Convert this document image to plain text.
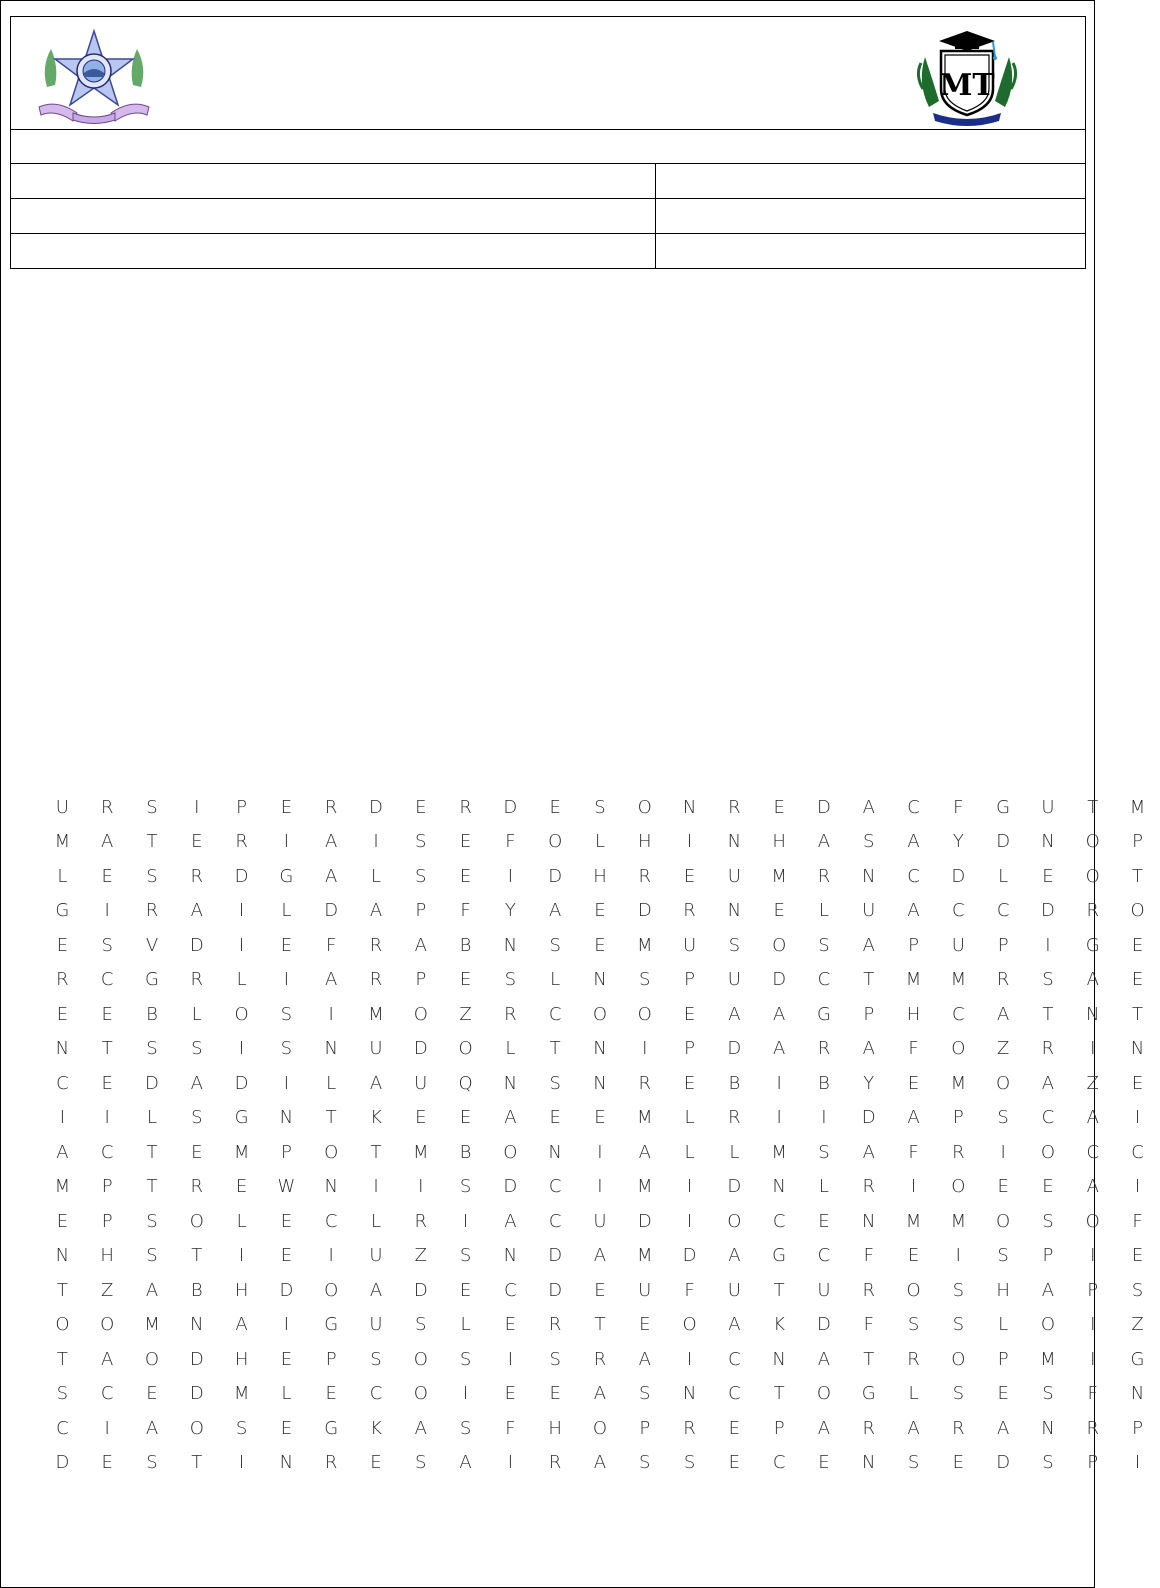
MT	

U	R	S	I	P	E	R	D	E	R	D	E	S	O	N	R	E	D	A	C	F	G	U	T	M
M	A	T	E	R	I	A	I	S	E	F	O	L	H	I	N	H	A	S	A	Y	D	N	O	P
L	E	S	R	D	G	A	L	S	E	I	D	H	R	E	U	M	R	N	C	D	L	E	O	T
G	I	R	A	I	L	D	A	P	F	Y	A	E	D	R	N	E	L	U	A	C	C	D	R	O
E	S	V	D	I	E	F	R	A	B	N	S	E	M	U	S	O	S	A	P	U	P	I	G	E
R	C	G	R	L	I	A	R	P	E	S	L	N	S	P	U	D	C	T	M	M	R	S	A	E
E	E	B	L	O	S	I	M	O	Z	R	C	O	O	E	A	A	G	P	H	C	A	T	N	T
N	T	S	S	I	S	N	U	D	O	L	T	N	I	P	D	A	R	A	F	O	Z	R	I	N
C	E	D	A	D	I	L	A	U	Q	N	S	N	R	E	B	I	B	Y	E	M	O	A	Z	E
I	I	L	S	G	N	T	K	E	E	A	E	E	M	L	R	I	I	D	A	P	S	C	A	I
A	C	T	E	M	P	O	T	M	B	O	N	I	A	L	L	M	S	A	F	R	I	O	C	C
M	P	T	R	E	W	N	I	I	S	D	C	I	M	I	D	N	L	R	I	O	E	E	A	I
E	P	S	O	L	E	C	L	R	I	A	C	U	D	I	O	C	E	N	M	M	O	S	O	F
N	H	S	T	I	E	I	U	Z	S	N	D	A	M	D	A	G	C	F	E	I	S	P	I	E
T	Z	A	B	H	D	O	A	D	E	C	D	E	U	F	U	T	U	R	O	S	H	A	P	S
O	O	M	N	A	I	G	U	S	L	E	R	T	E	O	A	K	D	F	S	S	L	O	I	Z
T	A	O	D	H	E	P	S	O	S	I	S	R	A	I	C	N	A	T	R	O	P	M	I	G
S	C	E	D	M	L	E	C	O	I	E	E	A	S	N	C	T	O	G	L	S	E	S	F	N
C	I	A	O	S	E	G	K	A	S	F	H	O	P	R	E	P	A	R	A	R	A	N	R	P
D	E	S	T	I	N	R	E	S	A	I	R	A	S	S	E	C	E	N	S	E	D	S	P	I
